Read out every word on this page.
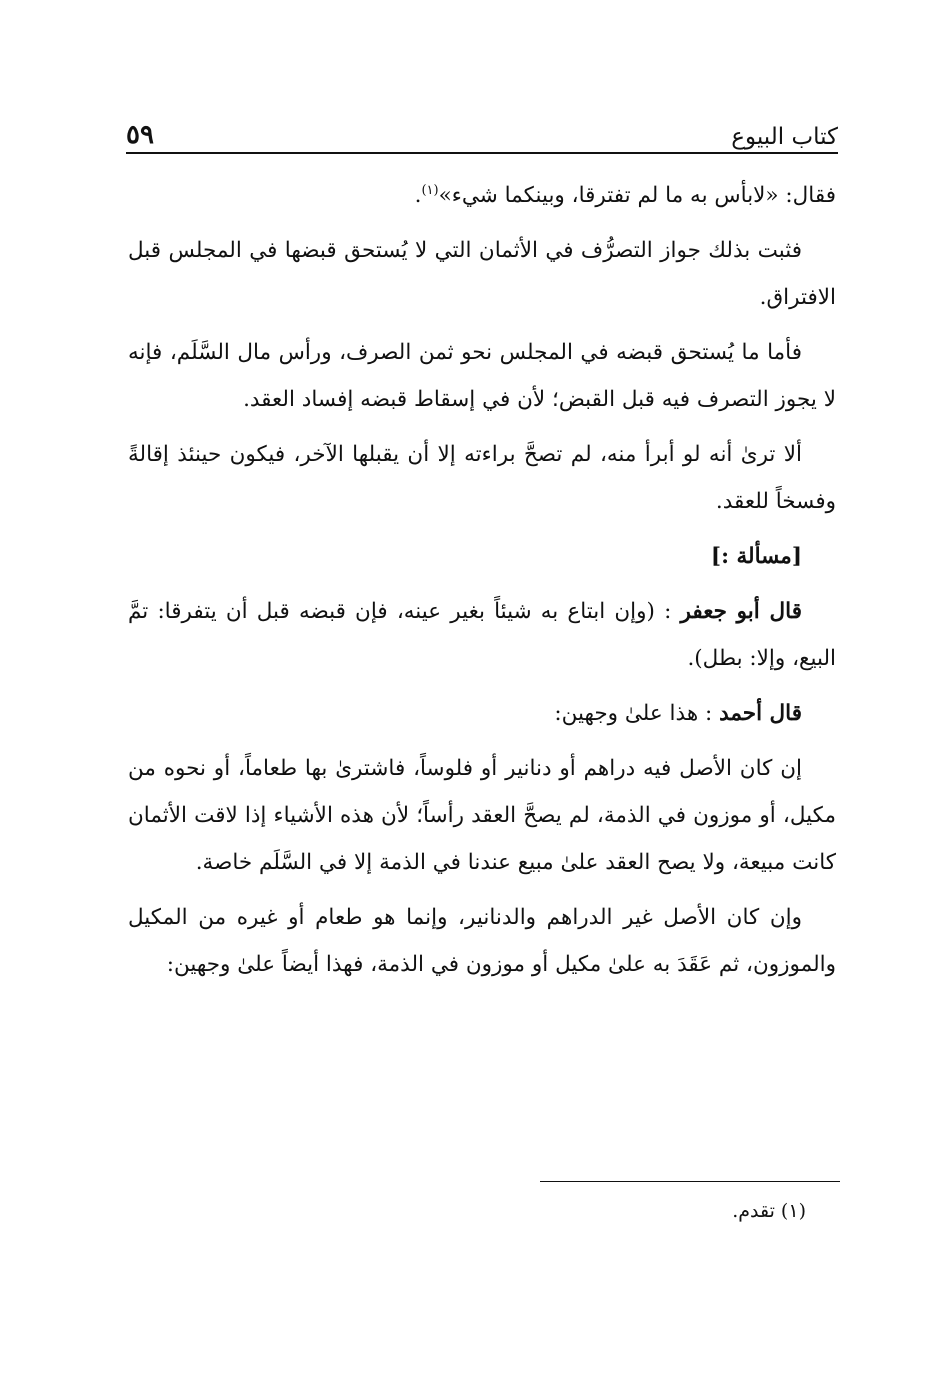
كتاب البيوع
٥٩

فقال: «لابأس به ما لم تفترقا، وبينكما شيء»$^{(١)}$.

فثبت بذلك جواز التصرُّف في الأثمان التي لا يُستحق قبضها في المجلس قبل الافتراق.

فأما ما يُستحق قبضه في المجلس نحو ثمن الصرف، ورأس مال السَّلَم، فإنه لا يجوز التصرف فيه قبل القبض؛ لأن في إسقاط قبضه إفساد العقد.

ألا ترىٰ أنه لو أبرأ منه، لم تصحَّ براءته إلا أن يقبلها الآخر، فيكون حينئذ إقالةً وفسخاً للعقد.

[مسألة :]

قال أبو جعفر : (وإن ابتاع به شيئاً بغير عينه، فإن قبضه قبل أن يتفرقا: تمَّ البيع، وإلا: بطل).

قال أحمد : هذا علىٰ وجهين:

إن كان الأصل فيه دراهم أو دنانير أو فلوساً، فاشترىٰ بها طعاماً، أو نحوه من مكيل، أو موزون في الذمة، لم يصحَّ العقد رأساً؛ لأن هذه الأشياء إذا لاقت الأثمان كانت مبيعة، ولا يصح العقد علىٰ مبيع عندنا في الذمة إلا في السَّلَم خاصة.

وإن كان الأصل غير الدراهم والدنانير، وإنما هو طعام أو غيره من المكيل والموزون، ثم عَقَدَ به علىٰ مكيل أو موزون في الذمة، فهذا أيضاً علىٰ وجهين:

(١) تقدم.
